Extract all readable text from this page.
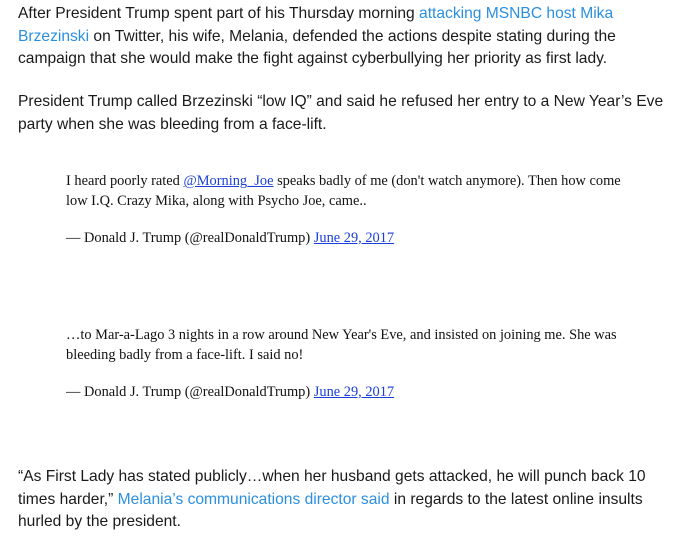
After President Trump spent part of his Thursday morning attacking MSNBC host Mika Brzezinski on Twitter, his wife, Melania, defended the actions despite stating during the campaign that she would make the fight against cyberbullying her priority as first lady.

President Trump called Brzezinski “low IQ” and said he refused her entry to a New Year’s Eve party when she was bleeding from a face-lift.

I heard poorly rated @Morning_Joe speaks badly of me (don't watch anymore). Then how come low I.Q. Crazy Mika, along with Psycho Joe, came..

— Donald J. Trump (@realDonaldTrump) June 29, 2017

…to Mar-a-Lago 3 nights in a row around New Year's Eve, and insisted on joining me. She was bleeding badly from a face-lift. I said no!

— Donald J. Trump (@realDonaldTrump) June 29, 2017

“As First Lady has stated publicly…when her husband gets attacked, he will punch back 10 times harder,” Melania’s communications director said in regards to the latest online insults hurled by the president.
